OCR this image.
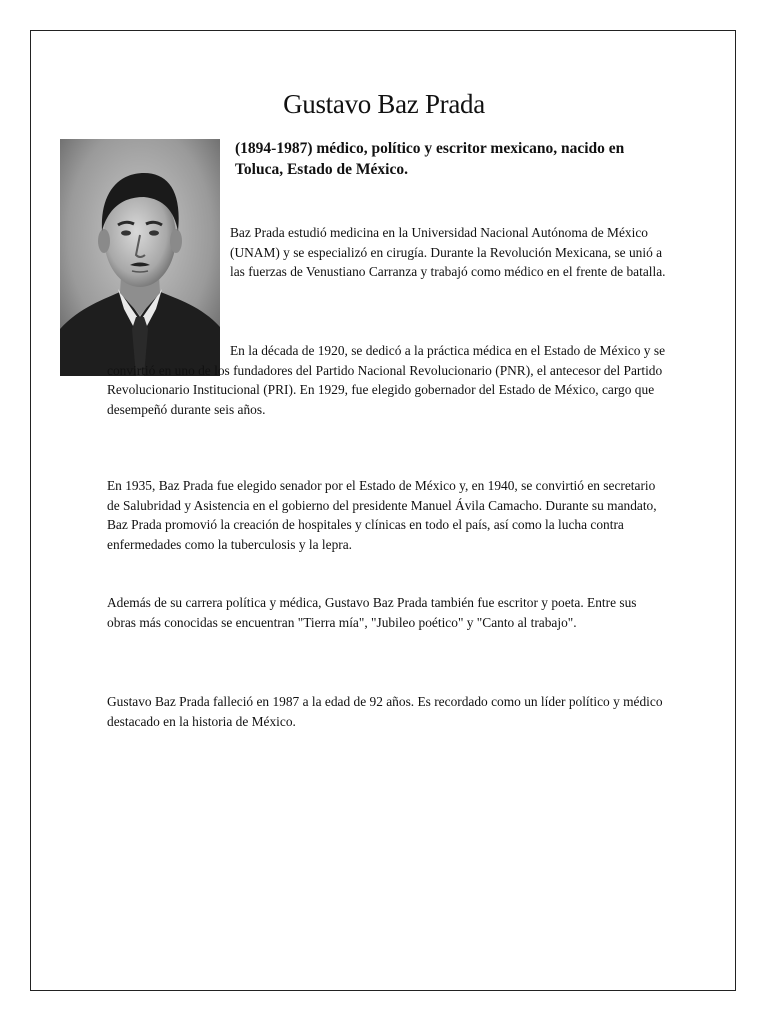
Gustavo Baz Prada

(1894-1987) médico, político y escritor mexicano, nacido en Toluca, Estado de México.

Baz Prada estudió medicina en la Universidad Nacional Autónoma de México (UNAM) y se especializó en cirugía. Durante la Revolución Mexicana, se unió a las fuerzas de Venustiano Carranza y trabajó como médico en el frente de batalla.

En la década de 1920, se dedicó a la práctica médica en el Estado de México y se convirtió en uno de los fundadores del Partido Nacional Revolucionario (PNR), el antecesor del Partido Revolucionario Institucional (PRI). En 1929, fue elegido gobernador del Estado de México, cargo que desempeñó durante seis años.

En 1935, Baz Prada fue elegido senador por el Estado de México y, en 1940, se convirtió en secretario de Salubridad y Asistencia en el gobierno del presidente Manuel Ávila Camacho. Durante su mandato, Baz Prada promovió la creación de hospitales y clínicas en todo el país, así como la lucha contra enfermedades como la tuberculosis y la lepra.

Además de su carrera política y médica, Gustavo Baz Prada también fue escritor y poeta. Entre sus obras más conocidas se encuentran "Tierra mía", "Jubileo poético" y "Canto al trabajo".

Gustavo Baz Prada falleció en 1987 a la edad de 92 años. Es recordado como un líder político y médico destacado en la historia de México.
